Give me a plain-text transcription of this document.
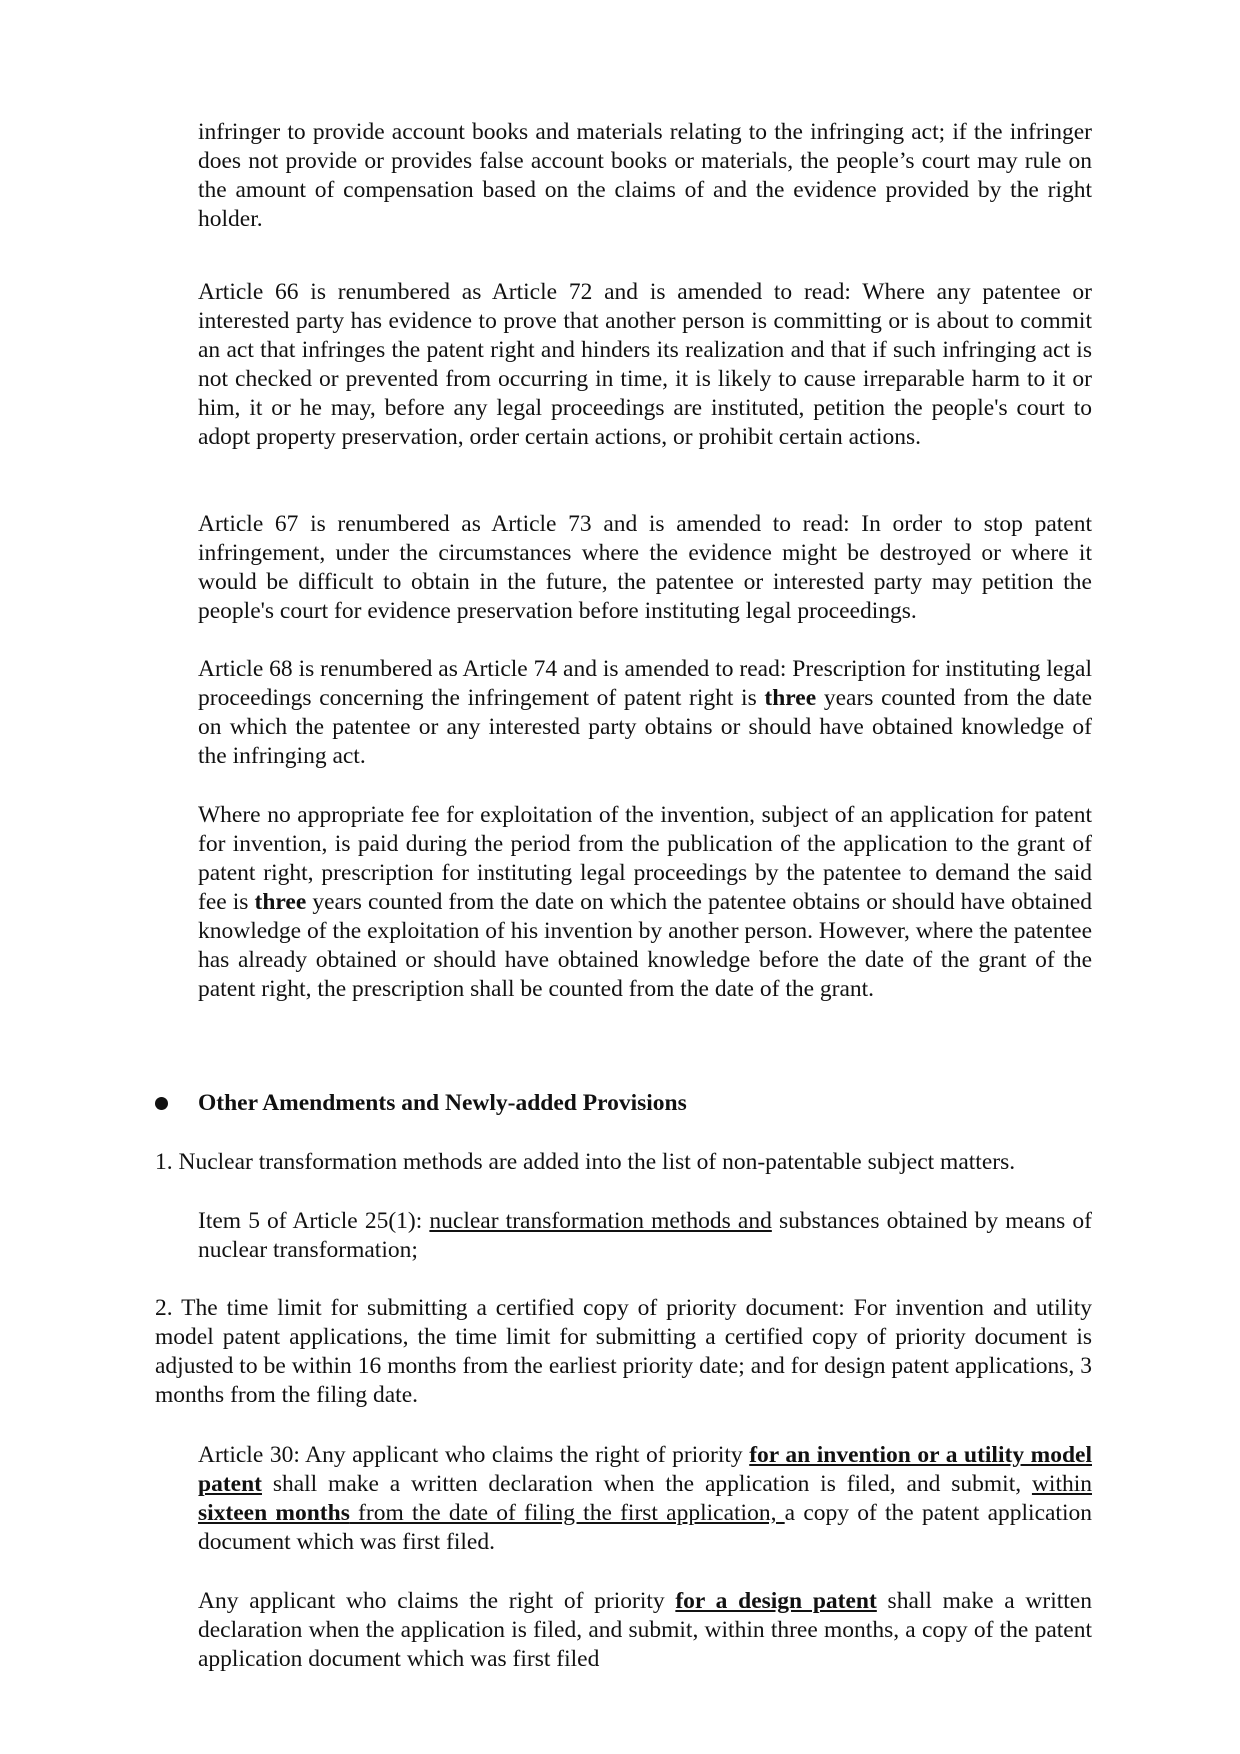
infringer to provide account books and materials relating to the infringing act; if the infringer does not provide or provides false account books or materials, the people’s court may rule on the amount of compensation based on the claims of and the evidence provided by the right holder.

Article 66 is renumbered as Article 72 and is amended to read: Where any patentee or interested party has evidence to prove that another person is committing or is about to commit an act that infringes the patent right and hinders its realization and that if such infringing act is not checked or prevented from occurring in time, it is likely to cause irreparable harm to it or him, it or he may, before any legal proceedings are instituted, petition the people's court to adopt property preservation, order certain actions, or prohibit certain actions.

Article 67 is renumbered as Article 73 and is amended to read: In order to stop patent infringement, under the circumstances where the evidence might be destroyed or where it would be difficult to obtain in the future, the patentee or interested party may petition the people's court for evidence preservation before instituting legal proceedings.

Article 68 is renumbered as Article 74 and is amended to read: Prescription for instituting legal proceedings concerning the infringement of patent right is three years counted from the date on which the patentee or any interested party obtains or should have obtained knowledge of the infringing act.

Where no appropriate fee for exploitation of the invention, subject of an application for patent for invention, is paid during the period from the publication of the application to the grant of patent right, prescription for instituting legal proceedings by the patentee to demand the said fee is three years counted from the date on which the patentee obtains or should have obtained knowledge of the exploitation of his invention by another person. However, where the patentee has already obtained or should have obtained knowledge before the date of the grant of the patent right, the prescription shall be counted from the date of the grant.

Other Amendments and Newly-added Provisions

1. Nuclear transformation methods are added into the list of non-patentable subject matters.

Item 5 of Article 25(1): nuclear transformation methods and substances obtained by means of nuclear transformation;

2. The time limit for submitting a certified copy of priority document: For invention and utility model patent applications, the time limit for submitting a certified copy of priority document is adjusted to be within 16 months from the earliest priority date; and for design patent applications, 3 months from the filing date.

Article 30: Any applicant who claims the right of priority for an invention or a utility model patent shall make a written declaration when the application is filed, and submit, within sixteen months from the date of filing the first application, a copy of the patent application document which was first filed.

Any applicant who claims the right of priority for a design patent shall make a written declaration when the application is filed, and submit, within three months, a copy of the patent application document which was first filed
